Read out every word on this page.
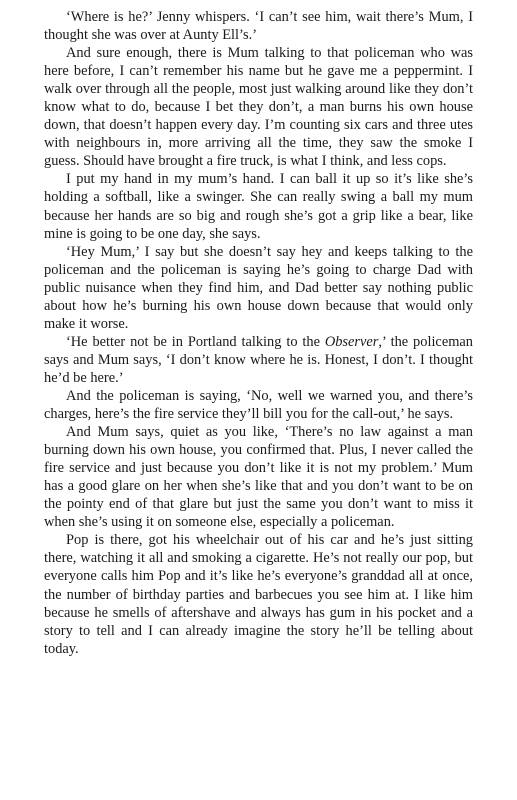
‘Where is he?’ Jenny whispers. ‘I can’t see him, wait there’s Mum, I thought she was over at Aunty Ell’s.’

And sure enough, there is Mum talking to that policeman who was here before, I can’t remember his name but he gave me a peppermint. I walk over through all the people, most just walking around like they don’t know what to do, because I bet they don’t, a man burns his own house down, that doesn’t happen every day. I’m counting six cars and three utes with neighbours in, more arriving all the time, they saw the smoke I guess. Should have brought a fire truck, is what I think, and less cops.

I put my hand in my mum’s hand. I can ball it up so it’s like she’s holding a softball, like a swinger. She can really swing a ball my mum because her hands are so big and rough she’s got a grip like a bear, like mine is going to be one day, she says.

‘Hey Mum,’ I say but she doesn’t say hey and keeps talking to the policeman and the policeman is saying he’s going to charge Dad with public nuisance when they find him, and Dad better say nothing public about how he’s burning his own house down because that would only make it worse.

‘He better not be in Portland talking to the Observer,’ the policeman says and Mum says, ‘I don’t know where he is. Honest, I don’t. I thought he’d be here.’

And the policeman is saying, ‘No, well we warned you, and there’s charges, here’s the fire service they’ll bill you for the call-out,’ he says.

And Mum says, quiet as you like, ‘There’s no law against a man burning down his own house, you confirmed that. Plus, I never called the fire service and just because you don’t like it is not my problem.’ Mum has a good glare on her when she’s like that and you don’t want to be on the pointy end of that glare but just the same you don’t want to miss it when she’s using it on someone else, especially a policeman.

Pop is there, got his wheelchair out of his car and he’s just sitting there, watching it all and smoking a cigarette. He’s not really our pop, but everyone calls him Pop and it’s like he’s everyone’s granddad all at once, the number of birthday parties and barbecues you see him at. I like him because he smells of aftershave and always has gum in his pocket and a story to tell and I can already imagine the story he’ll be telling about today.
